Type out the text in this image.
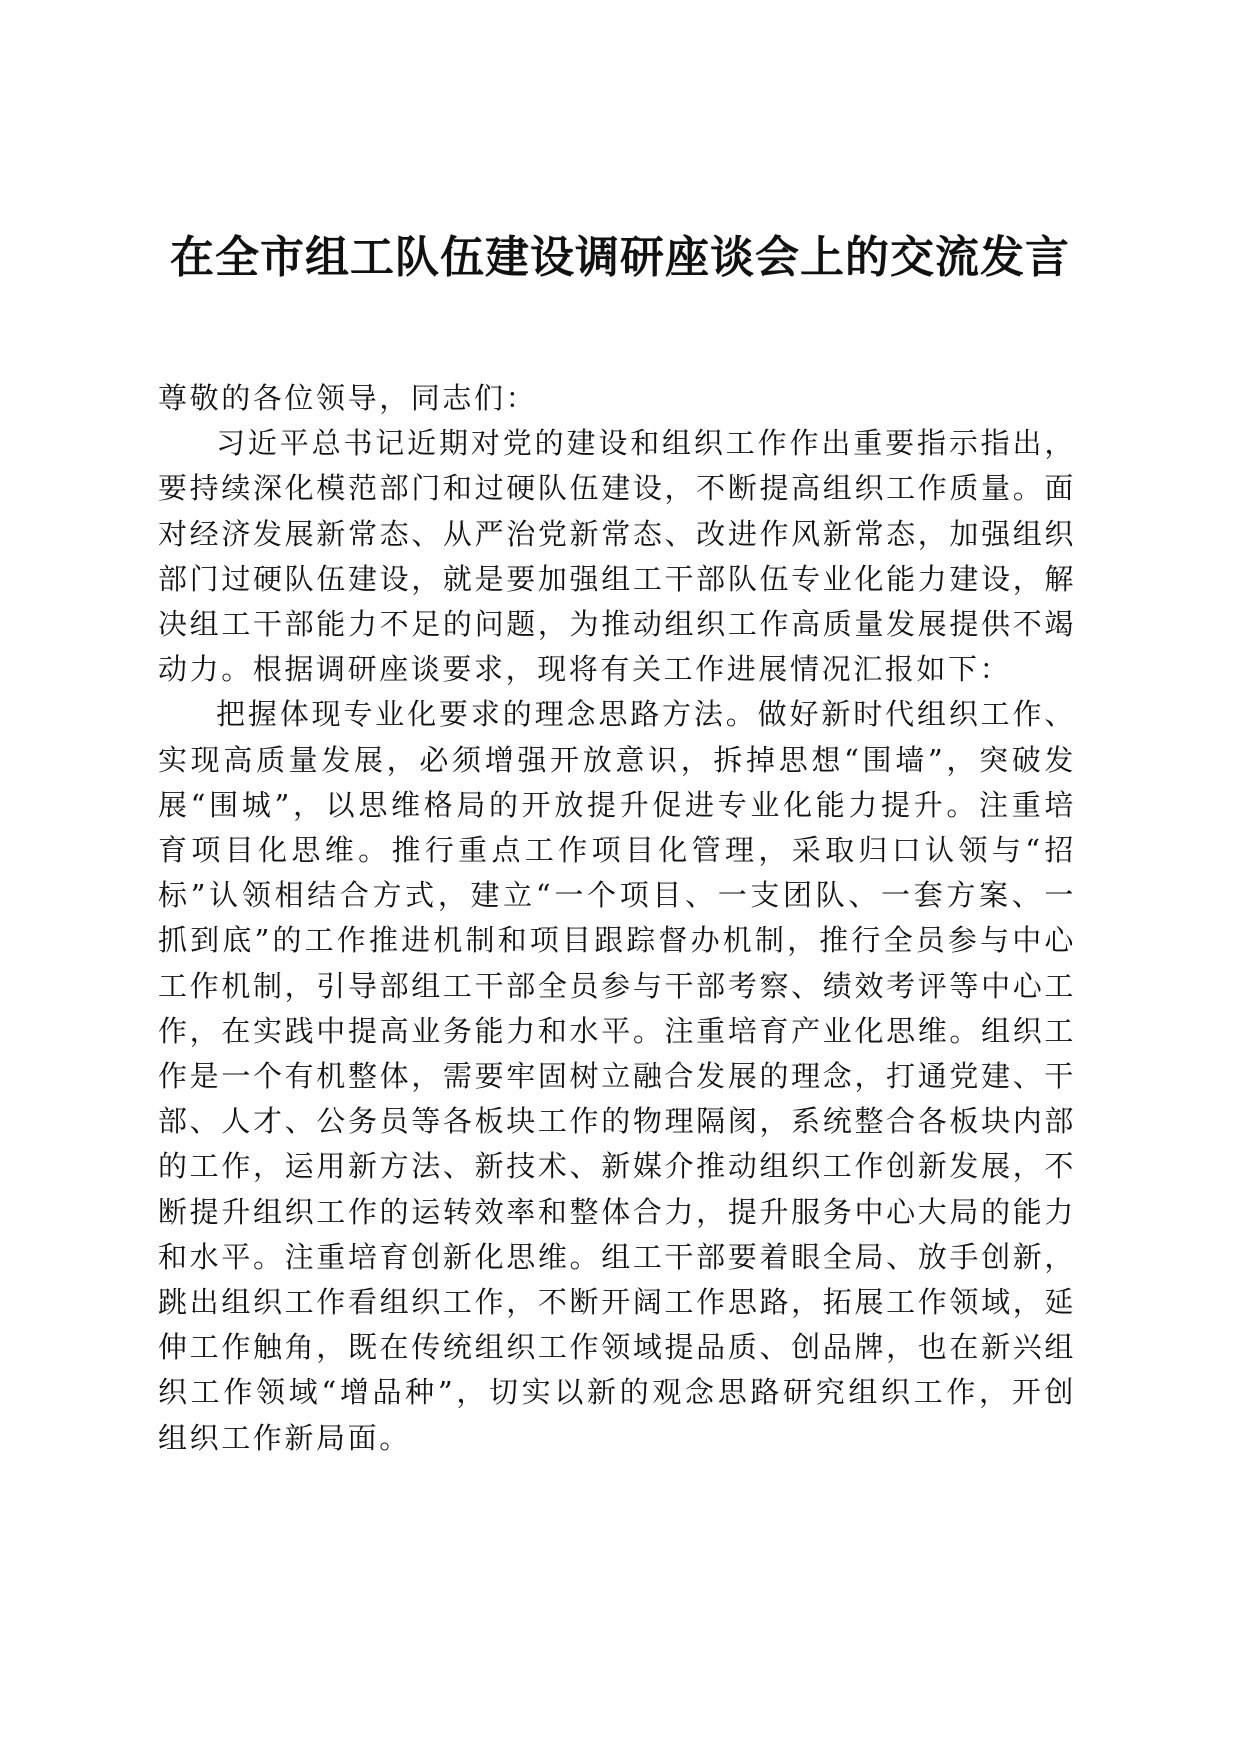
在全市组工队伍建设调研座谈会上的交流发言

尊敬的各位领导，同志们：

习近平总书记近期对党的建设和组织工作作出重要指示指出，要持续深化模范部门和过硬队伍建设，不断提高组织工作质量。面对经济发展新常态、从严治党新常态、改进作风新常态，加强组织部门过硬队伍建设，就是要加强组工干部队伍专业化能力建设，解决组工干部能力不足的问题，为推动组织工作高质量发展提供不竭动力。根据调研座谈要求，现将有关工作进展情况汇报如下：

把握体现专业化要求的理念思路方法。做好新时代组织工作、实现高质量发展，必须增强开放意识，拆掉思想“围墙”，突破发展“围城”，以思维格局的开放提升促进专业化能力提升。注重培育项目化思维。推行重点工作项目化管理，采取归口认领与“招标”认领相结合方式，建立“一个项目、一支团队、一套方案、一抓到底”的工作推进机制和项目跟踪督办机制，推行全员参与中心工作机制，引导部组工干部全员参与干部考察、绩效考评等中心工作，在实践中提高业务能力和水平。注重培育产业化思维。组织工作是一个有机整体，需要牢固树立融合发展的理念，打通党建、干部、人才、公务员等各板块工作的物理隔阂，系统整合各板块内部的工作，运用新方法、新技术、新媒介推动组织工作创新发展，不断提升组织工作的运转效率和整体合力，提升服务中心大局的能力和水平。注重培育创新化思维。组工干部要着眼全局、放手创新，跳出组织工作看组织工作，不断开阔工作思路，拓展工作领域，延伸工作触角，既在传统组织工作领域提品质、创品牌，也在新兴组织工作领域“增品种”，切实以新的观念思路研究组织工作，开创组织工作新局面。
